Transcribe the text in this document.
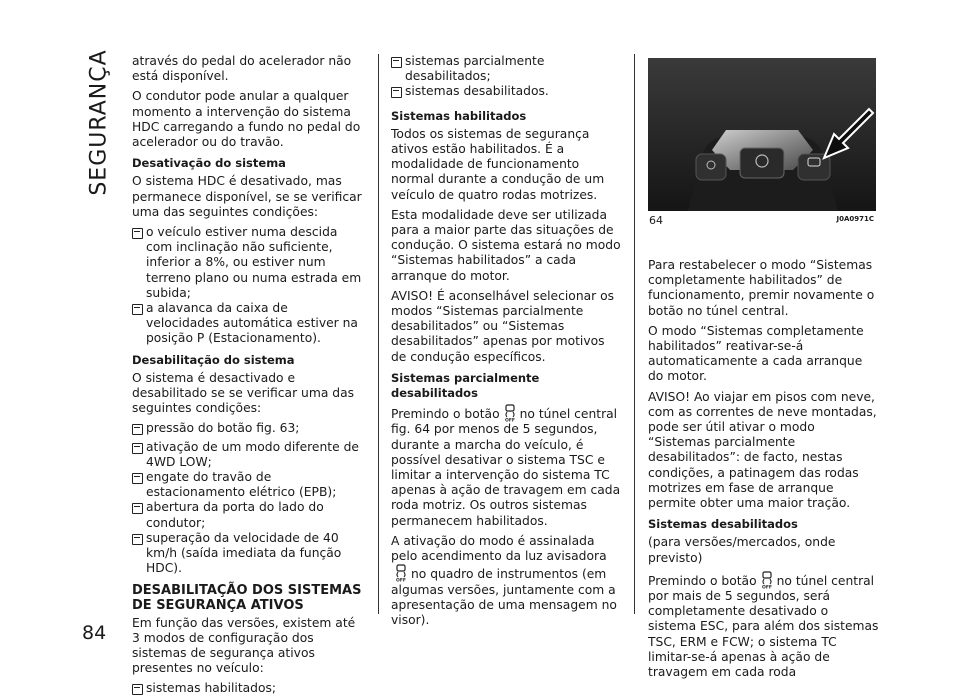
SEGURANÇA
84

através do pedal do acelerador não está disponível.

O condutor pode anular a qualquer momento a intervenção do sistema HDC carregando a fundo no pedal do acelerador ou do travão.

Desativação do sistema

O sistema HDC é desativado, mas permanece disponível, se se verificar uma das seguintes condições:

o veículo estiver numa descida com inclinação não suficiente, inferior a 8%, ou estiver num terreno plano ou numa estrada em subida;
a alavanca da caixa de velocidades automática estiver na posição P (Estacionamento).
Desabilitação do sistema

O sistema é desactivado e desabilitado se se verificar uma das seguintes condições:

pressão do botão fig. 63;
ativação de um modo diferente de 4WD LOW;
engate do travão de estacionamento elétrico (EPB);
abertura da porta do lado do condutor;
superação da velocidade de 40 km/h (saída imediata da função HDC).
DESABILITAÇÃO DOS SISTEMAS DE SEGURANÇA ATIVOS

Em função das versões, existem até 3 modos de configuração dos sistemas de segurança ativos presentes no veículo:

sistemas habilitados;
sistemas parcialmente desabilitados;
sistemas desabilitados.
Sistemas habilitados

Todos os sistemas de segurança ativos estão habilitados. É a modalidade de funcionamento normal durante a condução de um veículo de quatro rodas motrizes.

Esta modalidade deve ser utilizada para a maior parte das situações de condução. O sistema estará no modo “Sistemas habilitados” a cada arranque do motor.

AVISO! É aconselhável selecionar os modos “Sistemas parcialmente desabilitados” ou “Sistemas desabilitados” apenas por motivos de condução específicos.

Sistemas parcialmente desabilitados

Premindo o botão OFF no túnel central fig. 64 por menos de 5 segundos, durante a marcha do veículo, é possível desativar o sistema TSC e limitar a intervenção do sistema TC apenas à ação de travagem em cada roda motriz. Os outros sistemas permanecem habilitados.

A ativação do modo é assinalada pelo acendimento da luz avisadora
OFF no quadro de instrumentos (em algumas versões, juntamente com a apresentação de uma mensagem no visor).

64	J0A0971C

Para restabelecer o modo “Sistemas completamente habilitados” de funcionamento, premir novamente o botão no túnel central.

O modo “Sistemas completamente habilitados” reativar-se-á automaticamente a cada arranque do motor.

AVISO! Ao viajar em pisos com neve, com as correntes de neve montadas, pode ser útil ativar o modo “Sistemas parcialmente desabilitados”: de facto, nestas condições, a patinagem das rodas motrizes em fase de arranque permite obter uma maior tração.

Sistemas desabilitados

(para versões/mercados, onde previsto)

Premindo o botão OFF no túnel central por mais de 5 segundos, será completamente desativado o sistema ESC, para além dos sistemas TSC, ERM e FCW; o sistema TC limitar-se-á apenas à ação de travagem em cada roda
